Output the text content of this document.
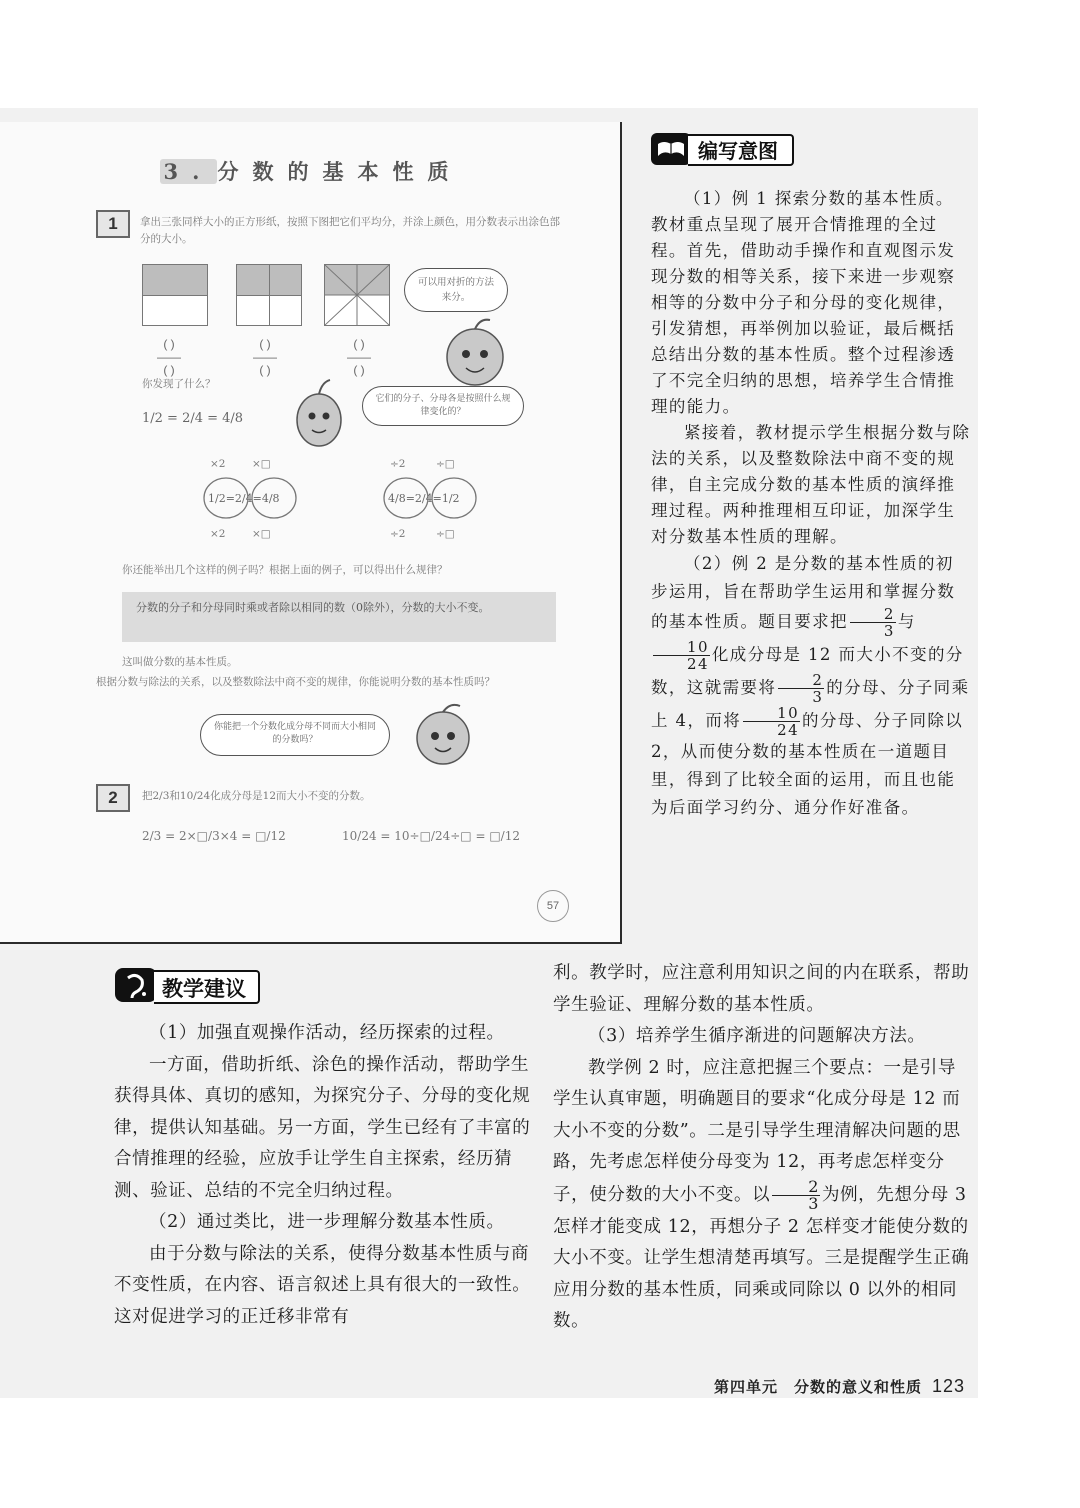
3. 分数的基本性质
1	拿出三张同样大小的正方形纸，按照下图把它们平均分，并涂上颜色，用分数表示出涂色部分的大小。
( )
——
( )
( )
——
( )
( )
——
( )
可以用对折的方法来分。
你发现了什么？
1/2 = 2/4 = 4/8
它们的分子、分母各是按照什么规律变化的？
×2	×□
1/2=2/4=4/8
×2	×□
÷2	÷□
4/8=2/4=1/2
÷2	÷□
你还能举出几个这样的例子吗？根据上面的例子，可以得出什么规律？
分数的分子和分母同时乘或者除以相同的数（0除外），分数的大小不变。
这叫做分数的基本性质。
根据分数与除法的关系，以及整数除法中商不变的规律，你能说明分数的基本性质吗？
你能把一个分数化成分母不同而大小相同的分数吗？
2	把2/3和10/24化成分母是12而大小不变的分数。
2/3 = 2×□/3×4 = □/12	10/24 = 10÷□/24÷□ = □/12
57
编写意图

（1）例 1 探索分数的基本性质。教材重点呈现了展开合情推理的全过程。首先，借助动手操作和直观图示发现分数的相等关系，接下来进一步观察相等的分数中分子和分母的变化规律，引发猜想，再举例加以验证，最后概括总结出分数的基本性质。整个过程渗透了不完全归纳的思想，培养学生合情推理的能力。

紧接着，教材提示学生根据分数与除法的关系，以及整数除法中商不变的规律，自主完成分数的基本性质的演绎推理过程。两种推理相互印证，加深学生对分数基本性质的理解。

（2）例 2 是分数的基本性质的初步运用，旨在帮助学生运用和掌握分数的基本性质。题目要求把 $\frac{2}{3}$ 与
$\frac{10}{24}$ 化成分母是 12 而大小不变的分数，这就需要将 $\frac{2}{3}$ 的分母、分子同乘上 4，而将 $\frac{10}{24}$ 的分母、分子同除以 2，从而使分数的基本性质在一道题目里，得到了比较全面的运用，而且也能为后面学习约分、通分作好准备。

教学建议
（1）加强直观操作活动，经历探索的过程。
一方面，借助折纸、涂色的操作活动，帮助学生获得具体、真切的感知，为探究分子、分母的变化规律，提供认知基础。另一方面，学生已经有了丰富的合情推理的经验，应放手让学生自主探索，经历猜测、验证、总结的不完全归纳过程。
（2）通过类比，进一步理解分数基本性质。
由于分数与除法的关系，使得分数基本性质与商不变性质，在内容、语言叙述上具有很大的一致性。这对促进学习的正迁移非常有
利。教学时，应注意利用知识之间的内在联系，帮助学生验证、理解分数的基本性质。
（3）培养学生循序渐进的问题解决方法。
教学例 2 时，应注意把握三个要点：一是引导学生认真审题，明确题目的要求“化成分母是 12 而大小不变的分数”。二是引导学生理清解决问题的思路，先考虑怎样使分母变为 12，再考虑怎样变分子，使分数的大小不变。以 $\frac{2}{3}$ 为例，先想分母 3 怎样才能变成 12，再想分子 2 怎样变才能使分数的大小不变。让学生想清楚再填写。三是提醒学生正确应用分数的基本性质，同乘或同除以 0 以外的相同数。
第四单元　分数的意义和性质 123
